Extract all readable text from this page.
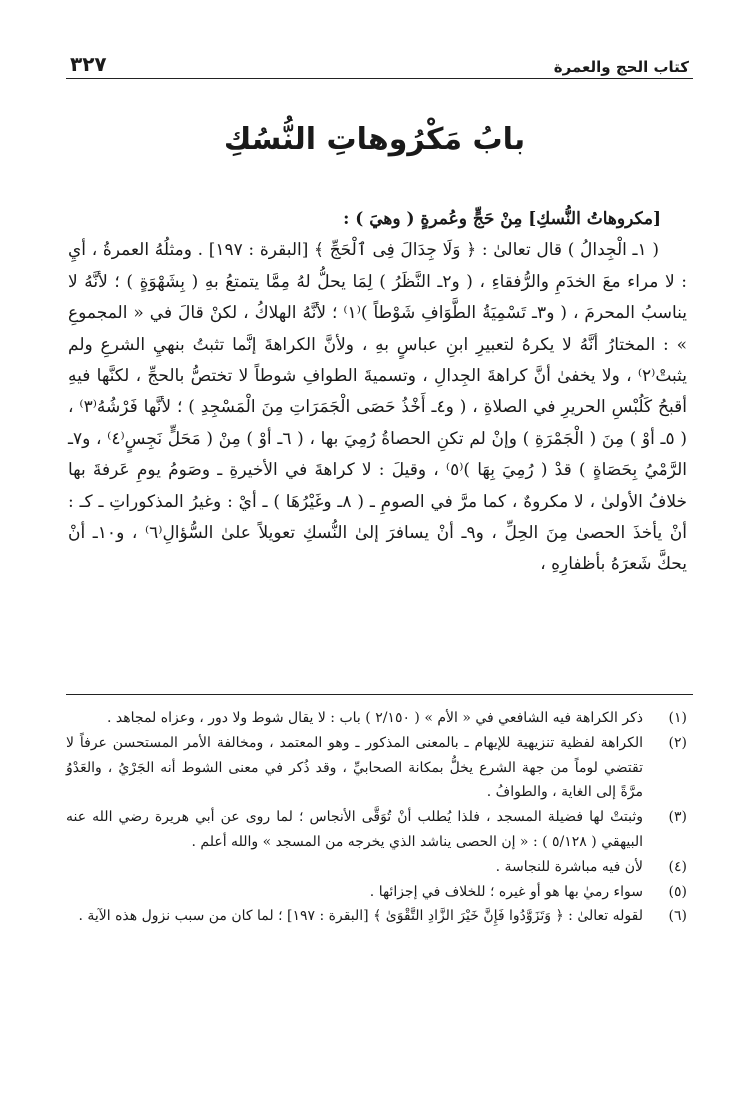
كتاب الحج والعمرة
٣٢٧
بابُ مَكْرُوهاتِ النُّسُكِ

[مكروهاتُ النُّسكِ] مِنْ حَجٍّ وعُمرةٍ ( وهيَ ) :

( ١ـ الْجِدالُ ) قال تعالىٰ : ﴿ وَلَا جِدَالَ فِى ٱلْحَجِّ ﴾ [البقرة : ١٩٧] . ومثلُهُ العمرةُ ، أيِ : لا مراء معَ الخدَمِ والرُّفقاءِ ، ( و٢ـ النَّظَرُ ) لِمَا يحلُّ لهُ مِمَّا يتمتعُ بهِ ( بِشَهْوَةٍ ) ؛ لأنَّهُ لا يناسبُ المحرمَ ، ( و٣ـ تَسْمِيَةُ الطَّوَافِ شَوْطاً )⁽١⁾ ؛ لأنَّهُ الهلاكُ ، لكنْ قالَ في « المجموعِ » : المختارُ أنَّهُ لا يكرهُ لتعبيرِ ابنِ عباسٍ بهِ ، ولأنَّ الكراهةَ إنَّما تثبتُ بنهيِ الشرعِ ولم يثبتْ⁽٢⁾ ، ولا يخفىٰ أنَّ كراهةَ الجِدالِ ، وتسميةَ الطوافِ شوطاً لا تختصُّ بالحجِّ ، لكنَّها فيهِ أقبحُ كَلُبْسِ الحريرِ في الصلاةِ ، ( و٤ـ أَخْذُ حَصَى الْجَمَرَاتِ مِنَ الْمَسْجِدِ ) ؛ لأنَّها فَرْشُهُ⁽٣⁾ ، ( ٥ـ أوْ ) مِنَ ( الْجَمْرَةِ ) وإنْ لم تكنِ الحصاةُ رُمِيَ بها ، ( ٦ـ أوْ ) مِنْ ( مَحَلٍّ نَجِسٍ⁽٤⁾ ، و٧ـ الرَّمْيُ بِحَصَاةٍ ) قدْ ( رُمِيَ بِهَا )⁽٥⁾ ، وقيلَ : لا كراهةَ في الأخيرةِ ـ وصَومُ يومِ عَرفةَ بها خلافُ الأولىٰ ، لا مكروهٌ ، كما مرَّ في الصومِ ـ ( ٨ـ وغَيْرُهَا ) ـ أيْ : وغيرُ المذكوراتِ ـ كـ : أنْ يأخذَ الحصىٰ مِنَ الحِلِّ ، و٩ـ أنْ يسافرَ إلىٰ النُّسكِ تعويلاً علىٰ السُّؤالِ⁽٦⁾ ، و١٠ـ أنْ يحكَّ شَعرَهُ بأظفارِهِ ،

(١)
ذكر الكراهة فيه الشافعي في « الأم » ( ٢/١٥٠ ) باب : لا يقال شوط ولا دور ، وعزاه لمجاهد .
(٢)
الكراهة لفظية تنزيهية للإيهام ـ بالمعنى المذكور ـ وهو المعتمد ، ومخالفة الأمر المستحسن عرفاً لا تقتضي لوماً من جهة الشرع يخلُّ بمكانة الصحابيِّ ، وقد ذُكر في معنى الشوط أنه الجَرْيُ ، والعَدْوُ مرَّةً إلى الغاية ، والطوافُ .
(٣)
وثبتتْ لها فضيلة المسجد ، فلذا يُطلب أنْ تُوَقَّى الأنجاس ؛ لما روى عن أبي هريرة رضي الله عنه البيهقي ( ٥/١٢٨ ) : « إن الحصى يناشد الذي يخرجه من المسجد » والله أعلم .
(٤)
لأن فيه مباشرة للنجاسة .
(٥)
سواء رميٰ بها هو أو غيره ؛ للخلاف في إجزائها .
(٦)
لقوله تعالىٰ : ﴿ وَتَزَوَّدُوا فَإِنَّ خَيْرَ الزَّادِ التَّقْوَىٰ ﴾ [البقرة : ١٩٧] ؛ لما كان من سبب نزول هذه الآية .
